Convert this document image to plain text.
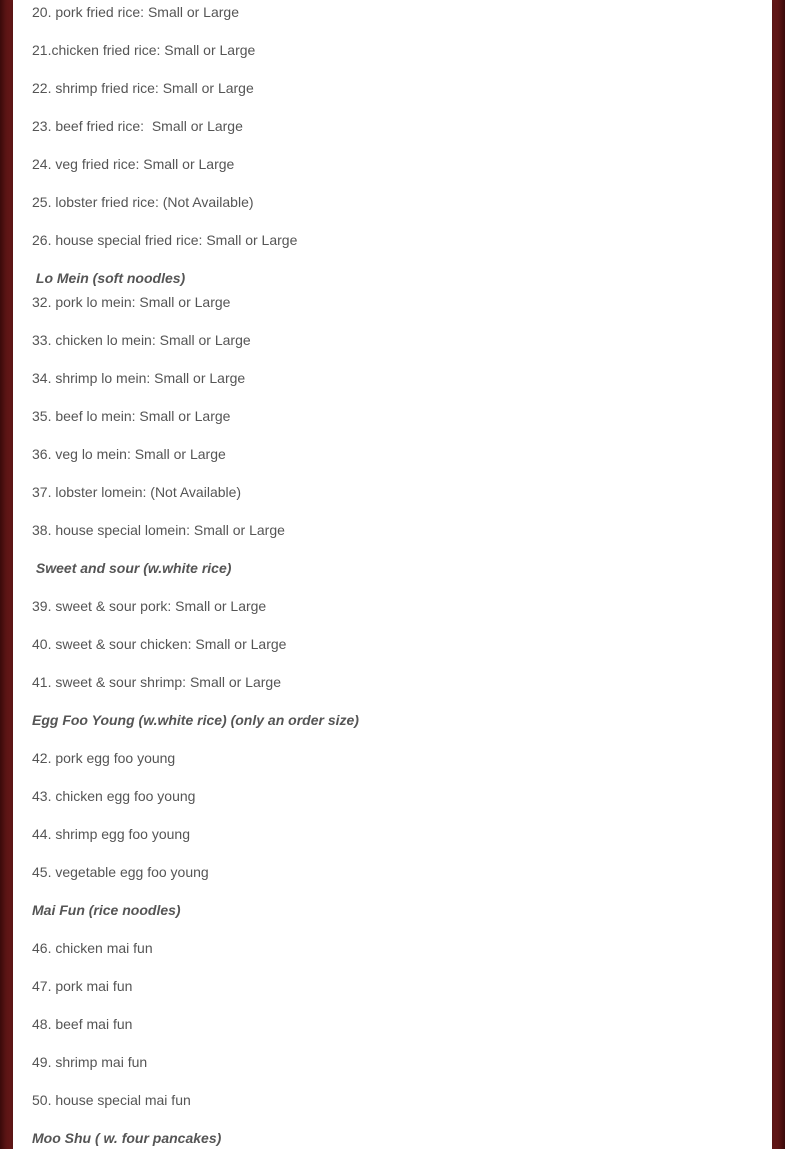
20. pork fried rice: Small or Large
21.chicken fried rice: Small or Large
22. shrimp fried rice: Small or Large
23. beef fried rice:  Small or Large
24. veg fried rice: Small or Large
25. lobster fried rice: (Not Available)
26. house special fried rice: Small or Large
Lo Mein (soft noodles)
32. pork lo mein: Small or Large
33. chicken lo mein: Small or Large
34. shrimp lo mein: Small or Large
35. beef lo mein: Small or Large
36. veg lo mein: Small or Large
37. lobster lomein: (Not Available)
38. house special lomein: Small or Large
Sweet and sour (w.white rice)
39. sweet & sour pork: Small or Large
40. sweet & sour chicken: Small or Large
41. sweet & sour shrimp: Small or Large
Egg Foo Young (w.white rice) (only an order size)
42. pork egg foo young
43. chicken egg foo young
44. shrimp egg foo young
45. vegetable egg foo young
Mai Fun (rice noodles)
46. chicken mai fun
47. pork mai fun
48. beef mai fun
49. shrimp mai fun
50. house special mai fun
Moo Shu ( w. four pancakes)
